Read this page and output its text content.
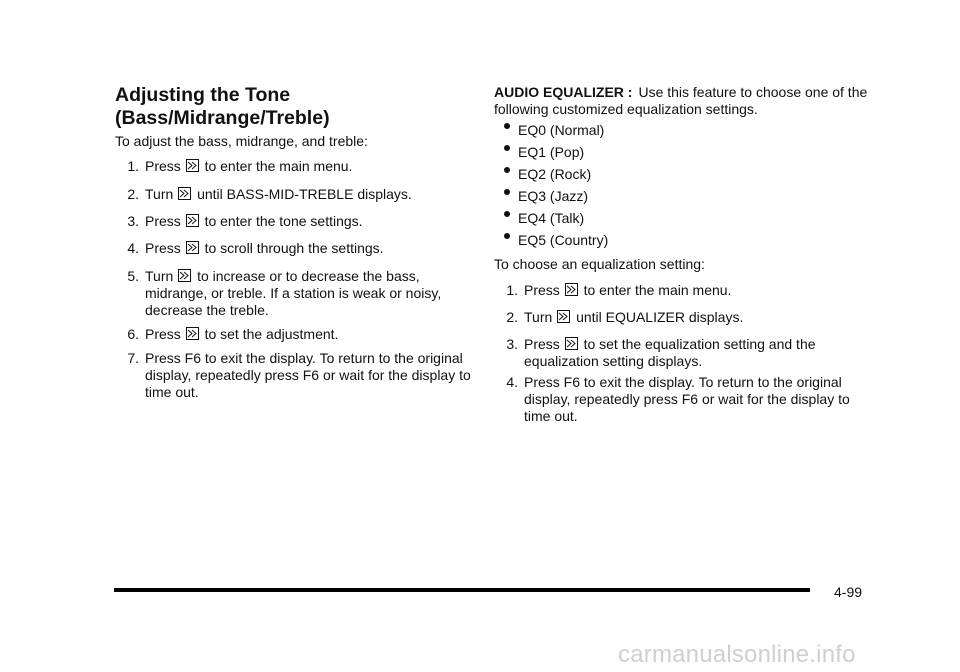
Adjusting the Tone
(Bass/Midrange/Treble)
To adjust the bass, midrange, and treble:
1. Press to enter the main menu.
2. Turn until BASS-MID-TREBLE displays.
3. Press to enter the tone settings.
4. Press to scroll through the settings.
5. Turn to increase or to decrease the bass, midrange, or treble. If a station is weak or noisy, decrease the treble.
6. Press to set the adjustment.
7. Press F6 to exit the display. To return to the original display, repeatedly press F6 or wait for the display to time out.
AUDIO EQUALIZER : Use this feature to choose one of the following customized equalization settings.
EQ0 (Normal)
EQ1 (Pop)
EQ2 (Rock)
EQ3 (Jazz)
EQ4 (Talk)
EQ5 (Country)
To choose an equalization setting:
1. Press to enter the main menu.
2. Turn until EQUALIZER displays.
3. Press to set the equalization setting and the equalization setting displays.
4. Press F6 to exit the display. To return to the original display, repeatedly press F6 or wait for the display to time out.
4-99
carmanualsonline.info
